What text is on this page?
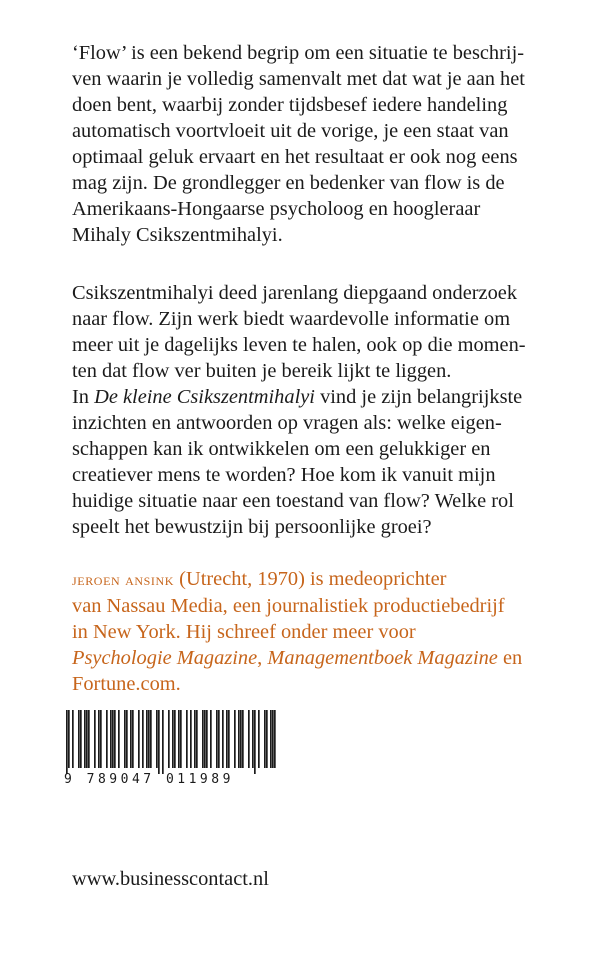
‘Flow’ is een bekend begrip om een situatie te beschrij-
ven waarin je volledig samenvalt met dat wat je aan het
doen bent, waarbij zonder tijdsbesef iedere handeling
automatisch voortvloeit uit de vorige, je een staat van
optimaal geluk ervaart en het resultaat er ook nog eens
mag zijn. De grondlegger en bedenker van flow is de
Amerikaans-Hongaarse psycholoog en hoogleraar
Mihaly Csikszentmihalyi.
Csikszentmihalyi deed jarenlang diepgaand onderzoek
naar flow. Zijn werk biedt waardevolle informatie om
meer uit je dagelijks leven te halen, ook op die momen-
ten dat flow ver buiten je bereik lijkt te liggen.
In De kleine Csikszentmihalyi vind je zijn belangrijkste
inzichten en antwoorden op vragen als: welke eigen-
schappen kan ik ontwikkelen om een gelukkiger en
creatiever mens te worden? Hoe kom ik vanuit mijn
huidige situatie naar een toestand van flow? Welke rol
speelt het bewustzijn bij persoonlijke groei?
jeroen ansink (Utrecht, 1970) is medeoprichter
van Nassau Media, een journalistiek productiebedrijf
in New York. Hij schreef onder meer voor
Psychologie Magazine, Managementboek Magazine en
Fortune.com.
9 789047 011989
www.businesscontact.nl
